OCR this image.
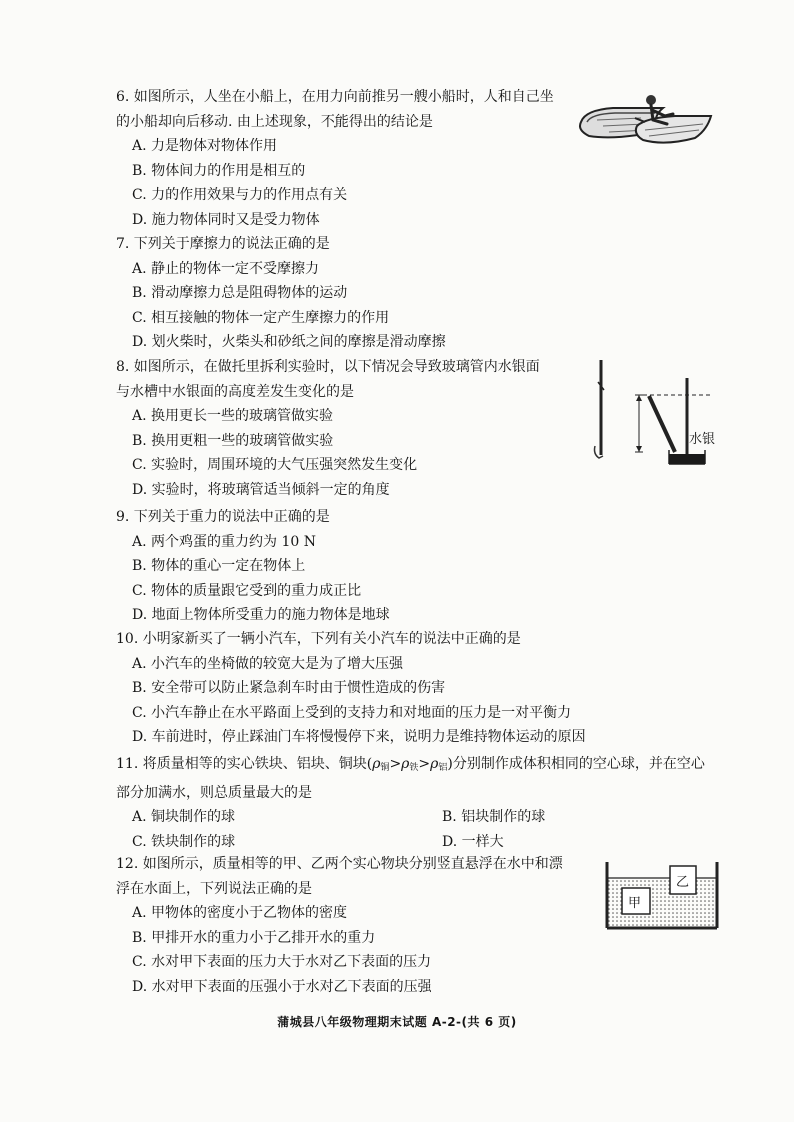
6. 如图所示，人坐在小船上，在用力向前推另一艘小船时，人和自己坐
的小船却向后移动. 由上述现象，不能得出的结论是
A. 力是物体对物体作用
B. 物体间力的作用是相互的
C. 力的作用效果与力的作用点有关
D. 施力物体同时又是受力物体
7. 下列关于摩擦力的说法正确的是
A. 静止的物体一定不受摩擦力
B. 滑动摩擦力总是阻碍物体的运动
C. 相互接触的物体一定产生摩擦力的作用
D. 划火柴时，火柴头和砂纸之间的摩擦是滑动摩擦
8. 如图所示，在做托里拆利实验时，以下情况会导致玻璃管内水银面
与水槽中水银面的高度差发生变化的是
A. 换用更长一些的玻璃管做实验
B. 换用更粗一些的玻璃管做实验
C. 实验时，周围环境的大气压强突然发生变化
D. 实验时，将玻璃管适当倾斜一定的角度
水银
9. 下列关于重力的说法中正确的是
A. 两个鸡蛋的重力约为 10 N
B. 物体的重心一定在物体上
C. 物体的质量跟它受到的重力成正比
D. 地面上物体所受重力的施力物体是地球
10. 小明家新买了一辆小汽车，下列有关小汽车的说法中正确的是
A. 小汽车的坐椅做的较宽大是为了增大压强
B. 安全带可以防止紧急刹车时由于惯性造成的伤害
C. 小汽车静止在水平路面上受到的支持力和对地面的压力是一对平衡力
D. 车前进时，停止踩油门车将慢慢停下来，说明力是维持物体运动的原因
11. 将质量相等的实心铁块、铝块、铜块$(\rho_铜>\rho_铁>\rho_铝)$分别制作成体积相同的空心球，并在空心
部分加满水，则总质量最大的是
A. 铜块制作的球	B. 铝块制作的球
C. 铁块制作的球	D. 一样大
12. 如图所示，质量相等的甲、乙两个实心物块分别竖直悬浮在水中和漂
浮在水面上，下列说法正确的是
A. 甲物体的密度小于乙物体的密度
B. 甲排开水的重力小于乙排开水的重力
C. 水对甲下表面的压力大于水对乙下表面的压力
D. 水对甲下表面的压强小于水对乙下表面的压强
甲
乙
蒲城县八年级物理期末试题 A-2-(共 6 页)
